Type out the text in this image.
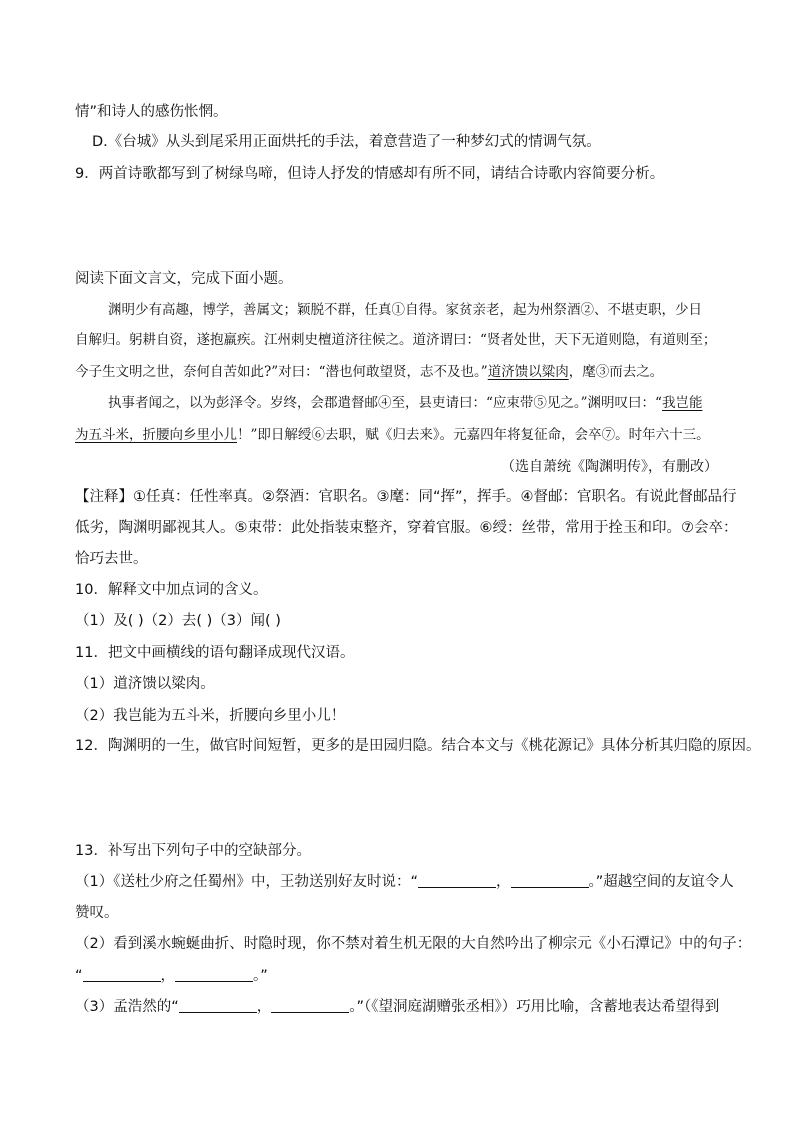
情”和诗人的感伤怅惘。
D.《台城》从头到尾采用正面烘托的手法，着意营造了一种梦幻式的情调气氛。
9．两首诗歌都写到了树绿鸟啼，但诗人抒发的情感却有所不同，请结合诗歌内容简要分析。
阅读下面文言文，完成下面小题。
渊明少有高趣，博学，善属文；颖脱不群，任真①自得。家贫亲老，起为州祭酒②、不堪吏职，少日
自解归。躬耕自资，遂抱羸疾。江州刺史檀道济往候之。道济谓曰：“贤者处世，天下无道则隐，有道则至；
今子生文明之世，奈何自苦如此?”对曰：“潜也何敢望贤，志不及也。”道济馈以粱肉，麾③而去之。
执事者闻之，以为彭泽令。岁终，会郡遣督邮④至，县吏请曰：“应束带⑤见之。”渊明叹曰：“我岂能
为五斗米，折腰向乡里小儿！”即日解绶⑥去职，赋《归去来》。元嘉四年将复征命，会卒⑦。时年六十三。
（选自萧统《陶渊明传》，有删改）
【注释】①任真：任性率真。②祭酒：官职名。③麾：同“挥”，挥手。④督邮：官职名。有说此督邮品行
低劣，陶渊明鄙视其人。⑤束带：此处指装束整齐，穿着官服。⑥绶：丝带，常用于拴玉和印。⑦会卒：
恰巧去世。
10．解释文中加点词的含义。
（1）及( )（2）去( )（3）闻( )
11．把文中画横线的语句翻译成现代汉语。
（1）道济馈以粱肉。
（2）我岂能为五斗米，折腰向乡里小儿！
12．陶渊明的一生，做官时间短暂，更多的是田园归隐。结合本文与《桃花源记》具体分析其归隐的原因。
13．补写出下列句子中的空缺部分。
（1）《送杜少府之任蜀州》中，王勃送别好友时说：“	，	。”超越空间的友谊令人
赞叹。
（2）看到溪水蜿蜒曲折、时隐时现，你不禁对着生机无限的大自然吟出了柳宗元《小石潭记》中的句子：
“	，	。”
（3）孟浩然的“	，	。”（《望洞庭湖赠张丞相》）巧用比喻，含蓄地表达希望得到
